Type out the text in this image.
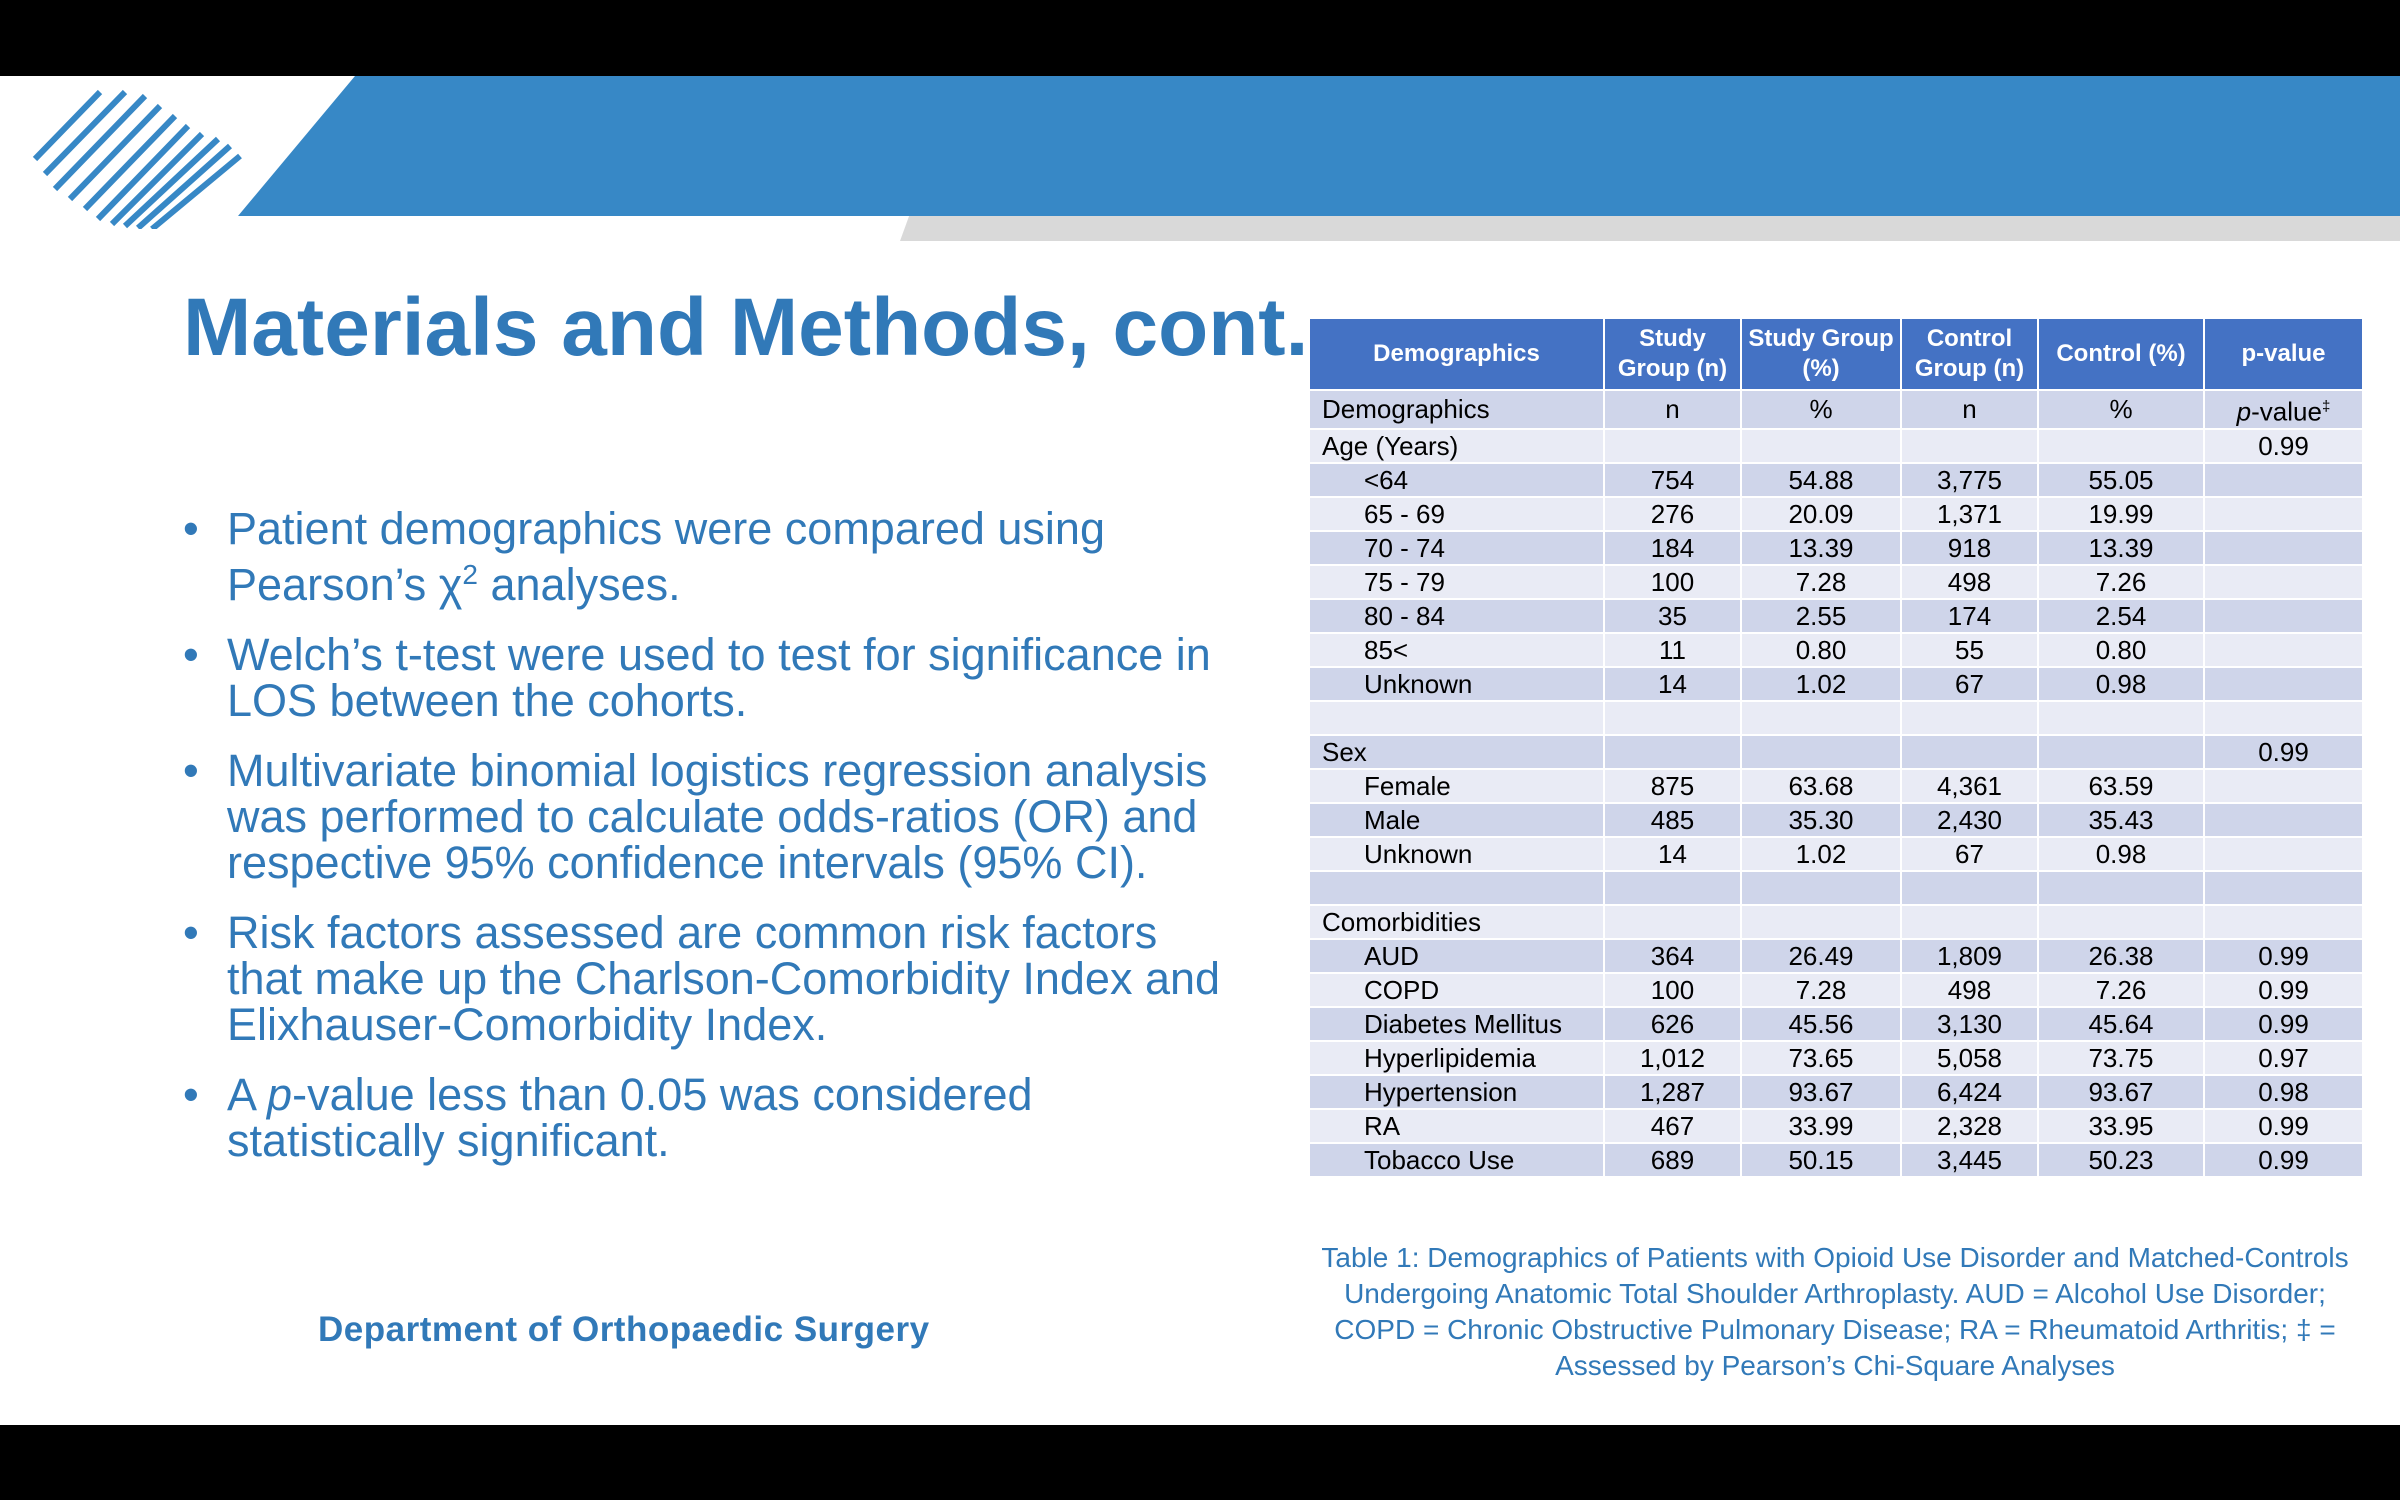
Materials and Methods, cont.
• Patient demographics were compared using Pearson’s $\chi^2$ analyses.
• Welch’s t-test were used to test for significance in LOS between the cohorts.
• Multivariate binomial logistics regression analysis was performed to calculate odds-ratios (OR) and respective 95% confidence intervals (95% CI).
• Risk factors assessed are common risk factors that make up the Charlson-Comorbidity Index and Elixhauser-Comorbidity Index.
• A p-value less than 0.05 was considered statistically significant.
Department of Orthopaedic Surgery
Demographics	Study Group (n)	Study Group (%)	Control Group (n)	Control (%)	p-value
Demographics	n	%	n	%	p-value‡
Age (Years)					0.99
<64	754	54.88	3,775	55.05	
65 - 69	276	20.09	1,371	19.99	
70 - 74	184	13.39	918	13.39	
75 - 79	100	7.28	498	7.26	
80 - 84	35	2.55	174	2.54	
85<	11	0.80	55	0.80	
Unknown	14	1.02	67	0.98	

Sex					0.99
Female	875	63.68	4,361	63.59	
Male	485	35.30	2,430	35.43	
Unknown	14	1.02	67	0.98	

Comorbidities					
AUD	364	26.49	1,809	26.38	0.99
COPD	100	7.28	498	7.26	0.99
Diabetes Mellitus	626	45.56	3,130	45.64	0.99
Hyperlipidemia	1,012	73.65	5,058	73.75	0.97
Hypertension	1,287	93.67	6,424	93.67	0.98
RA	467	33.99	2,328	33.95	0.99
Tobacco Use	689	50.15	3,445	50.23	0.99
Table 1: Demographics of Patients with Opioid Use Disorder and Matched-Controls Undergoing Anatomic Total Shoulder Arthroplasty. AUD = Alcohol Use Disorder; COPD = Chronic Obstructive Pulmonary Disease; RA = Rheumatoid Arthritis; ‡ = Assessed by Pearson’s Chi-Square Analyses
